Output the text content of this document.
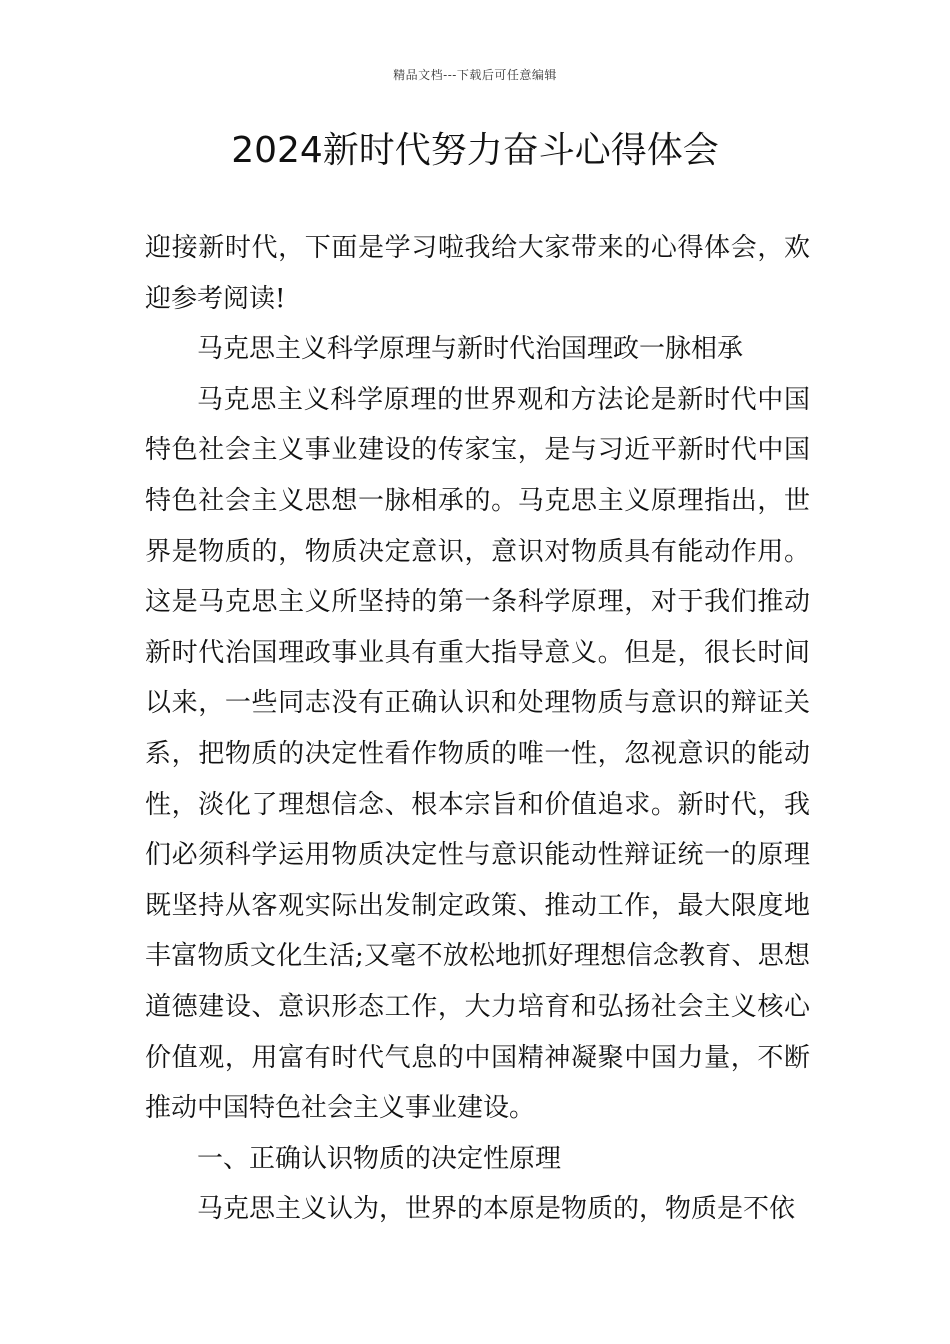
精品文档---下载后可任意编辑
2024新时代努力奋斗心得体会

迎接新时代，下面是学习啦我给大家带来的心得体会，欢迎参考阅读!

马克思主义科学原理与新时代治国理政一脉相承

马克思主义科学原理的世界观和方法论是新时代中国特色社会主义事业建设的传家宝，是与习近平新时代中国特色社会主义思想一脉相承的。马克思主义原理指出，世界是物质的，物质决定意识，意识对物质具有能动作用。这是马克思主义所坚持的第一条科学原理，对于我们推动新时代治国理政事业具有重大指导意义。但是，很长时间以来，一些同志没有正确认识和处理物质与意识的辩证关系，把物质的决定性看作物质的唯一性，忽视意识的能动性，淡化了理想信念、根本宗旨和价值追求。新时代，我们必须科学运用物质决定性与意识能动性辩证统一的原理既坚持从客观实际出发制定政策、推动工作，最大限度地丰富物质文化生活;又毫不放松地抓好理想信念教育、思想道德建设、意识形态工作，大力培育和弘扬社会主义核心价值观，用富有时代气息的中国精神凝聚中国力量，不断推动中国特色社会主义事业建设。

一、正确认识物质的决定性原理

马克思主义认为，世界的本原是物质的，物质是不依
